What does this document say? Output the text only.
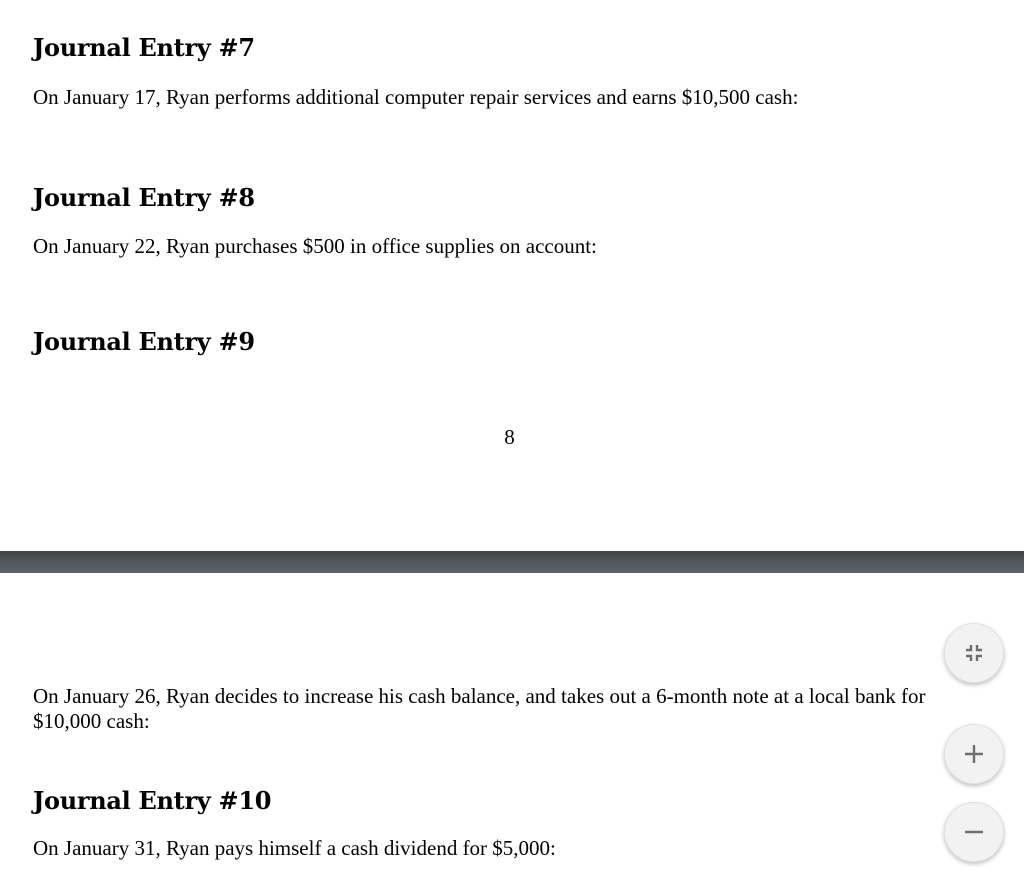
Journal Entry #7

On January 17, Ryan performs additional computer repair services and earns $10,500 cash:

Journal Entry #8

On January 22, Ryan purchases $500 in office supplies on account:

Journal Entry #9
8

On January 26, Ryan decides to increase his cash balance, and takes out a 6-month note at a local bank for $10,000 cash:

Journal Entry #10

On January 31, Ryan pays himself a cash dividend for $5,000:
